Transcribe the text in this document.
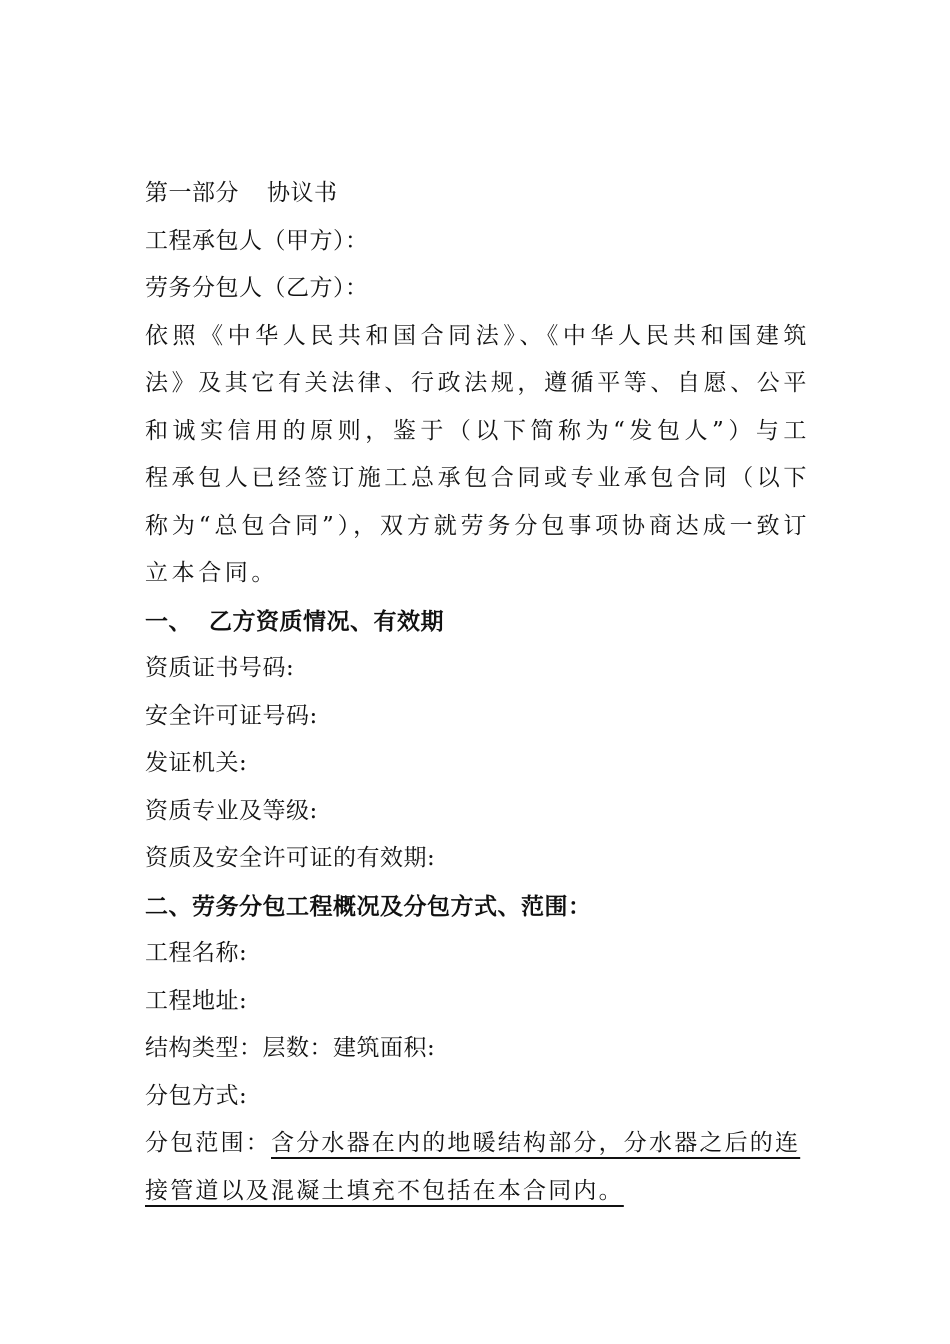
第一部分 协议书
工程承包人（甲方）：
劳务分包人（乙方）：
依照《中华人民共和国合同法》、《中华人民共和国建筑法》及其它有关法律、行政法规，遵循平等、自愿、公平和诚实信用的原则，鉴于（以下简称为“发包人”）与工程承包人已经签订施工总承包合同或专业承包合同（以下称为“总包合同”），双方就劳务分包事项协商达成一致订立本合同。
一、  乙方资质情况、有效期
资质证书号码:
安全许可证号码:
发证机关:
资质专业及等级:
资质及安全许可证的有效期:
二、劳务分包工程概况及分包方式、范围：
工程名称:
工程地址:
结构类型：层数：建筑面积:
分包方式:
分包范围：含分水器在内的地暖结构部分，分水器之后的连接管道以及混凝土填充不包括在本合同内。
